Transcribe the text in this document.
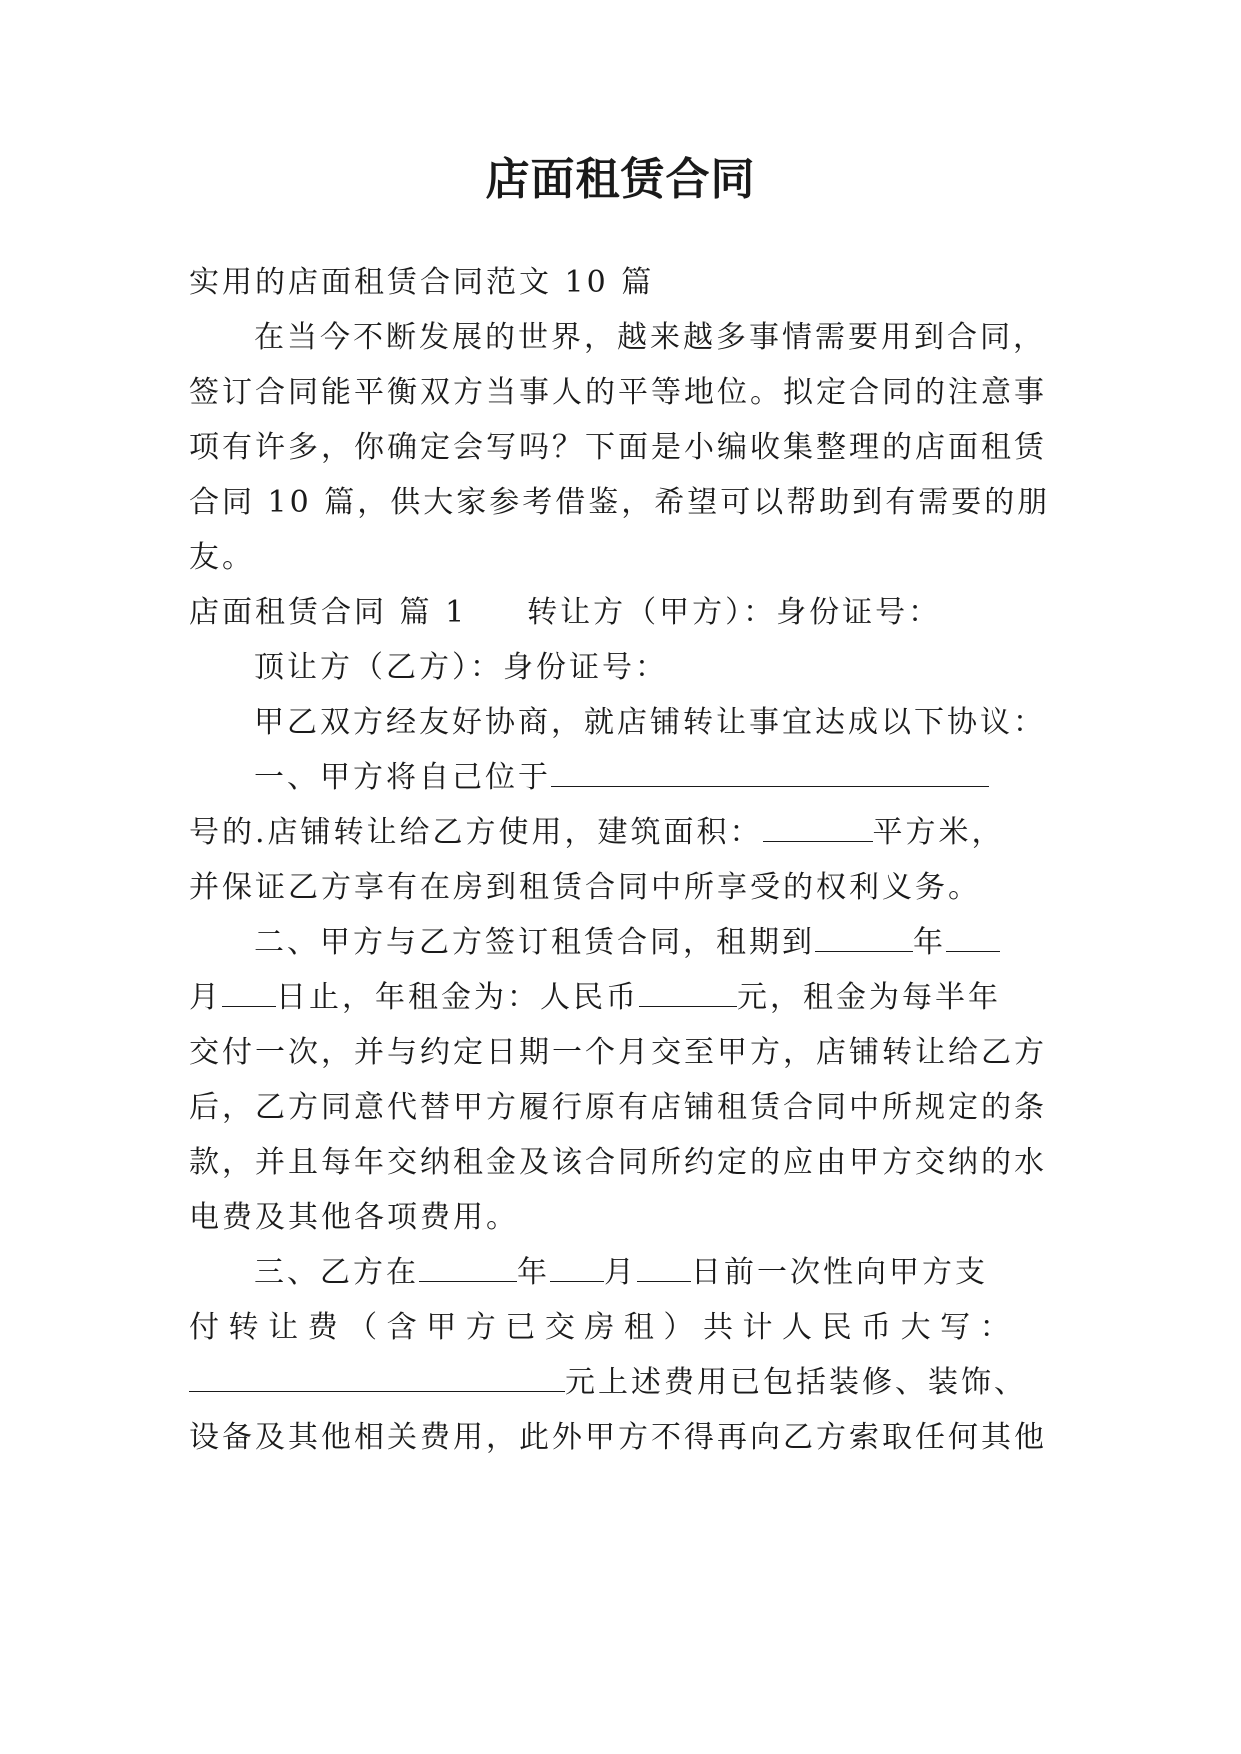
店面租赁合同
实用的店面租赁合同范文 10 篇
在当今不断发展的世界，越来越多事情需要用到合同，
签订合同能平衡双方当事人的平等地位。拟定合同的注意事
项有许多，你确定会写吗？下面是小编收集整理的店面租赁
合同 10 篇，供大家参考借鉴，希望可以帮助到有需要的朋
友。
店面租赁合同 篇 1 转让方（甲方）：身份证号：
顶让方（乙方）：身份证号：
甲乙双方经友好协商，就店铺转让事宜达成以下协议：
一、甲方将自己位于
号的.店铺转让给乙方使用，建筑面积：	平方米，
并保证乙方享有在房到租赁合同中所享受的权利义务。
二、甲方与乙方签订租赁合同，租期到	年
月 日止，年租金为：人民币	元，租金为每半年
交付一次，并与约定日期一个月交至甲方，店铺转让给乙方
后，乙方同意代替甲方履行原有店铺租赁合同中所规定的条
款，并且每年交纳租金及该合同所约定的应由甲方交纳的水
电费及其他各项费用。
三、乙方在	年 月 日前一次性向甲方支
付 转 让 费 （ 含 甲 方 已 交 房 租 ） 共 计 人 民 币 大 写 ：
元上述费用已包括装修、装饰、
设备及其他相关费用，此外甲方不得再向乙方索取任何其他
